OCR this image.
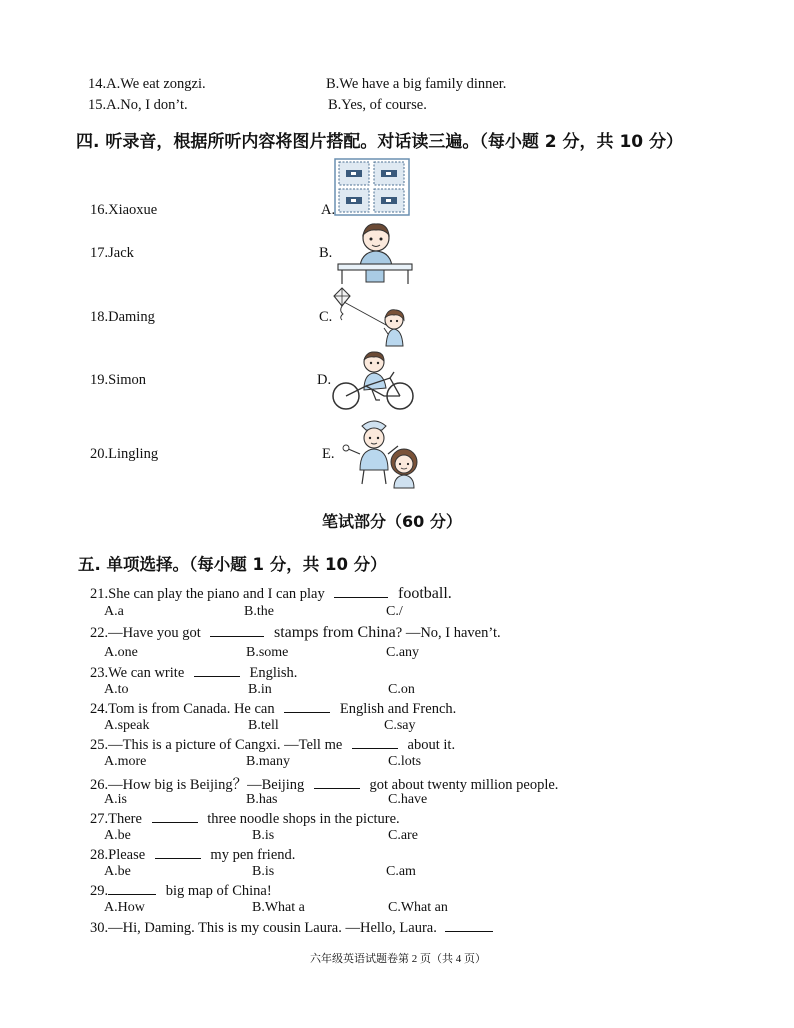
14.A.We eat zongzi.	B.We have a big family dinner.
15.A.No, I don’t.	B.Yes, of course.
四. 听录音，根据所听内容将图片搭配。对话读三遍。（每小题 2 分，共 10 分）
16.Xiaoxue
17.Jack
18.Daming
19.Simon
20.Lingling
A.
B.
C.
D.
E.
笔试部分（60 分）
五. 单项选择。（每小题 1 分，共 10 分）
21.She can play the piano and I can play	football.
A.a	B.the	C./
22.—Have you got	stamps from China? —No, I haven’t.
A.one	B.some	C.any
23.We can write	English.
A.to	B.in	C.on
24.Tom is from Canada. He can	English and French.
A.speak	B.tell	C.say
25.—This is a picture of Cangxi. —Tell me	about it.
A.more	B.many	C.lots
26.—How big is Beijing？—Beijing	got about twenty million people.
A.is	B.has	C.have
27.There	three noodle shops in the picture.
A.be	B.is	C.are
28.Please	my pen friend.
A.be	B.is	C.am
29.	big map of China!
A.How	B.What a	C.What an
30.—Hi, Daming. This is my cousin Laura. —Hello, Laura.
六年级英语试题卷第 2 页（共 4 页）
